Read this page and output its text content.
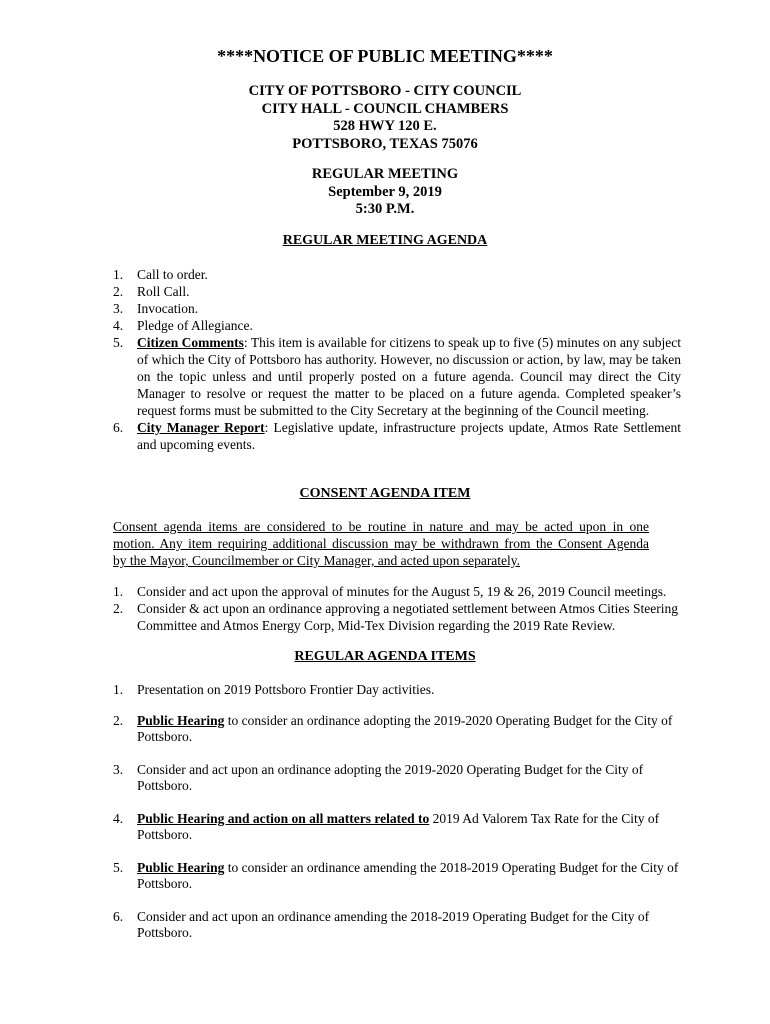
****NOTICE OF PUBLIC MEETING****
CITY OF POTTSBORO - CITY COUNCIL
CITY HALL - COUNCIL CHAMBERS
528 HWY 120 E.
POTTSBORO, TEXAS 75076
REGULAR MEETING
September 9, 2019
5:30 P.M.
REGULAR MEETING AGENDA
1. Call to order.
2. Roll Call.
3. Invocation.
4. Pledge of Allegiance.
5. Citizen Comments: This item is available for citizens to speak up to five (5) minutes on any subject of which the City of Pottsboro has authority. However, no discussion or action, by law, may be taken on the topic unless and until properly posted on a future agenda. Council may direct the City Manager to resolve or request the matter to be placed on a future agenda. Completed speaker’s request forms must be submitted to the City Secretary at the beginning of the Council meeting.
6. City Manager Report: Legislative update, infrastructure projects update, Atmos Rate Settlement and upcoming events.
CONSENT AGENDA ITEM
Consent agenda items are considered to be routine in nature and may be acted upon in one
motion. Any item requiring additional discussion may be withdrawn from the Consent Agenda
by the Mayor, Councilmember or City Manager, and acted upon separately.
1. Consider and act upon the approval of minutes for the August 5, 19 & 26, 2019 Council meetings.
2. Consider & act upon an ordinance approving a negotiated settlement between Atmos Cities Steering Committee and Atmos Energy Corp, Mid-Tex Division regarding the 2019 Rate Review.
REGULAR AGENDA ITEMS
1. Presentation on 2019 Pottsboro Frontier Day activities.
2. Public Hearing to consider an ordinance adopting the 2019-2020 Operating Budget for the City of Pottsboro.
3. Consider and act upon an ordinance adopting the 2019-2020 Operating Budget for the City of Pottsboro.
4. Public Hearing and action on all matters related to 2019 Ad Valorem Tax Rate for the City of Pottsboro.
5. Public Hearing to consider an ordinance amending the 2018-2019 Operating Budget for the City of Pottsboro.
6. Consider and act upon an ordinance amending the 2018-2019 Operating Budget for the City of Pottsboro.
